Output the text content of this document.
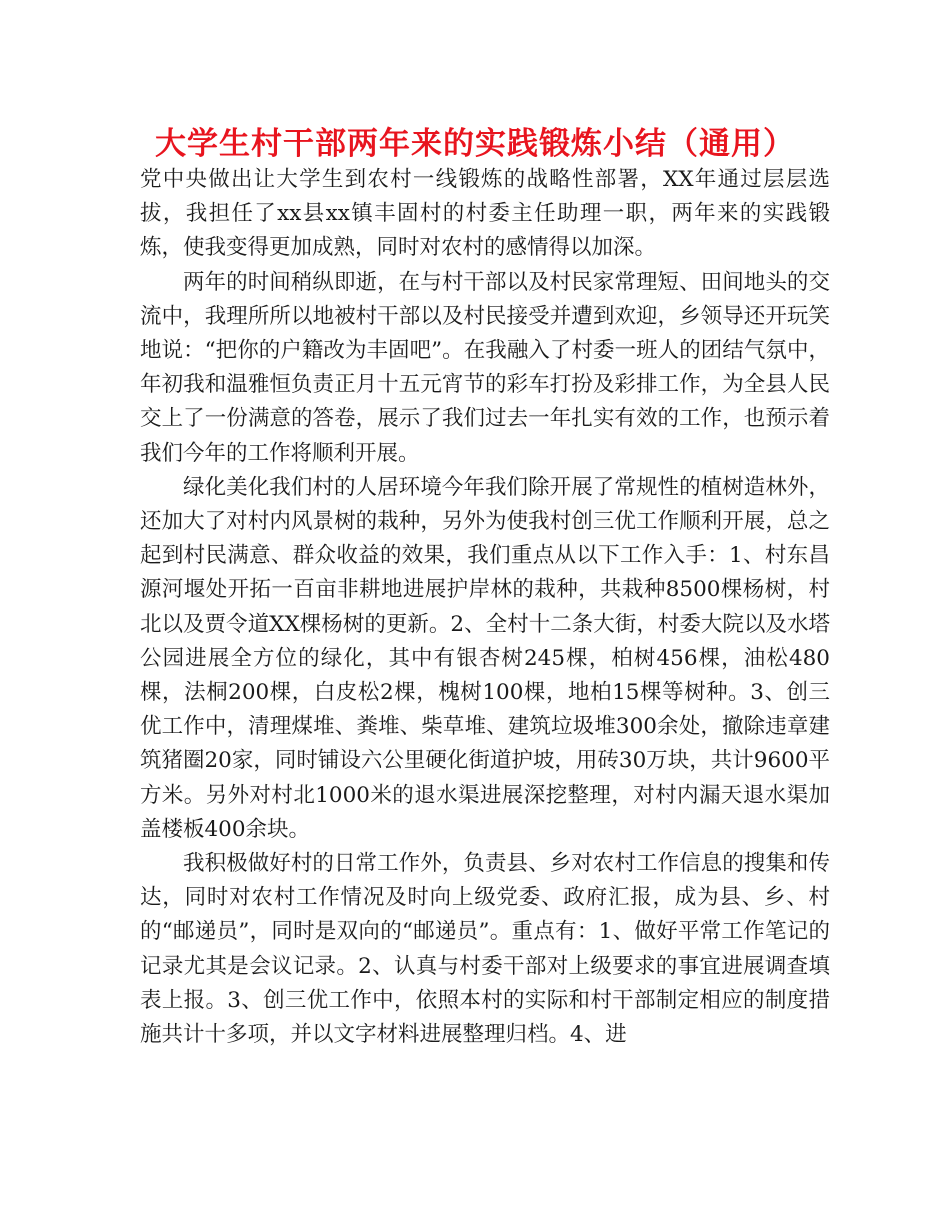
大学生村干部两年来的实践锻炼小结（通用）

党中央做出让大学生到农村一线锻炼的战略性部署，XX年通过层层选拔，我担任了xx县xx镇丰固村的村委主任助理一职，两年来的实践锻炼，使我变得更加成熟，同时对农村的感情得以加深。

两年的时间稍纵即逝，在与村干部以及村民家常理短、田间地头的交流中，我理所所以地被村干部以及村民接受并遭到欢迎，乡领导还开玩笑地说：“把你的户籍改为丰固吧”。在我融入了村委一班人的团结气氛中，年初我和温雅恒负责正月十五元宵节的彩车打扮及彩排工作，为全县人民交上了一份满意的答卷，展示了我们过去一年扎实有效的工作，也预示着我们今年的工作将顺利开展。

绿化美化我们村的人居环境今年我们除开展了常规性的植树造林外，还加大了对村内风景树的栽种，另外为使我村创三优工作顺利开展，总之起到村民满意、群众收益的效果，我们重点从以下工作入手：1、村东昌源河堰处开拓一百亩非耕地进展护岸林的栽种，共栽种8500棵杨树，村北以及贾令道XX棵杨树的更新。2、全村十二条大街，村委大院以及水塔公园进展全方位的绿化，其中有银杏树245棵，柏树456棵，油松480棵，法桐200棵，白皮松2棵，槐树100棵，地柏15棵等树种。3、创三优工作中，清理煤堆、粪堆、柴草堆、建筑垃圾堆300余处，撤除违章建筑猪圈20家，同时铺设六公里硬化街道护坡，用砖30万块，共计9600平方米。另外对村北1000米的退水渠进展深挖整理，对村内漏天退水渠加盖楼板400余块。

我积极做好村的日常工作外，负责县、乡对农村工作信息的搜集和传达，同时对农村工作情况及时向上级党委、政府汇报，成为县、乡、村的“邮递员”，同时是双向的“邮递员”。重点有：1、做好平常工作笔记的记录尤其是会议记录。2、认真与村委干部对上级要求的事宜进展调查填表上报。3、创三优工作中，依照本村的实际和村干部制定相应的制度措施共计十多项，并以文字材料进展整理归档。4、进
